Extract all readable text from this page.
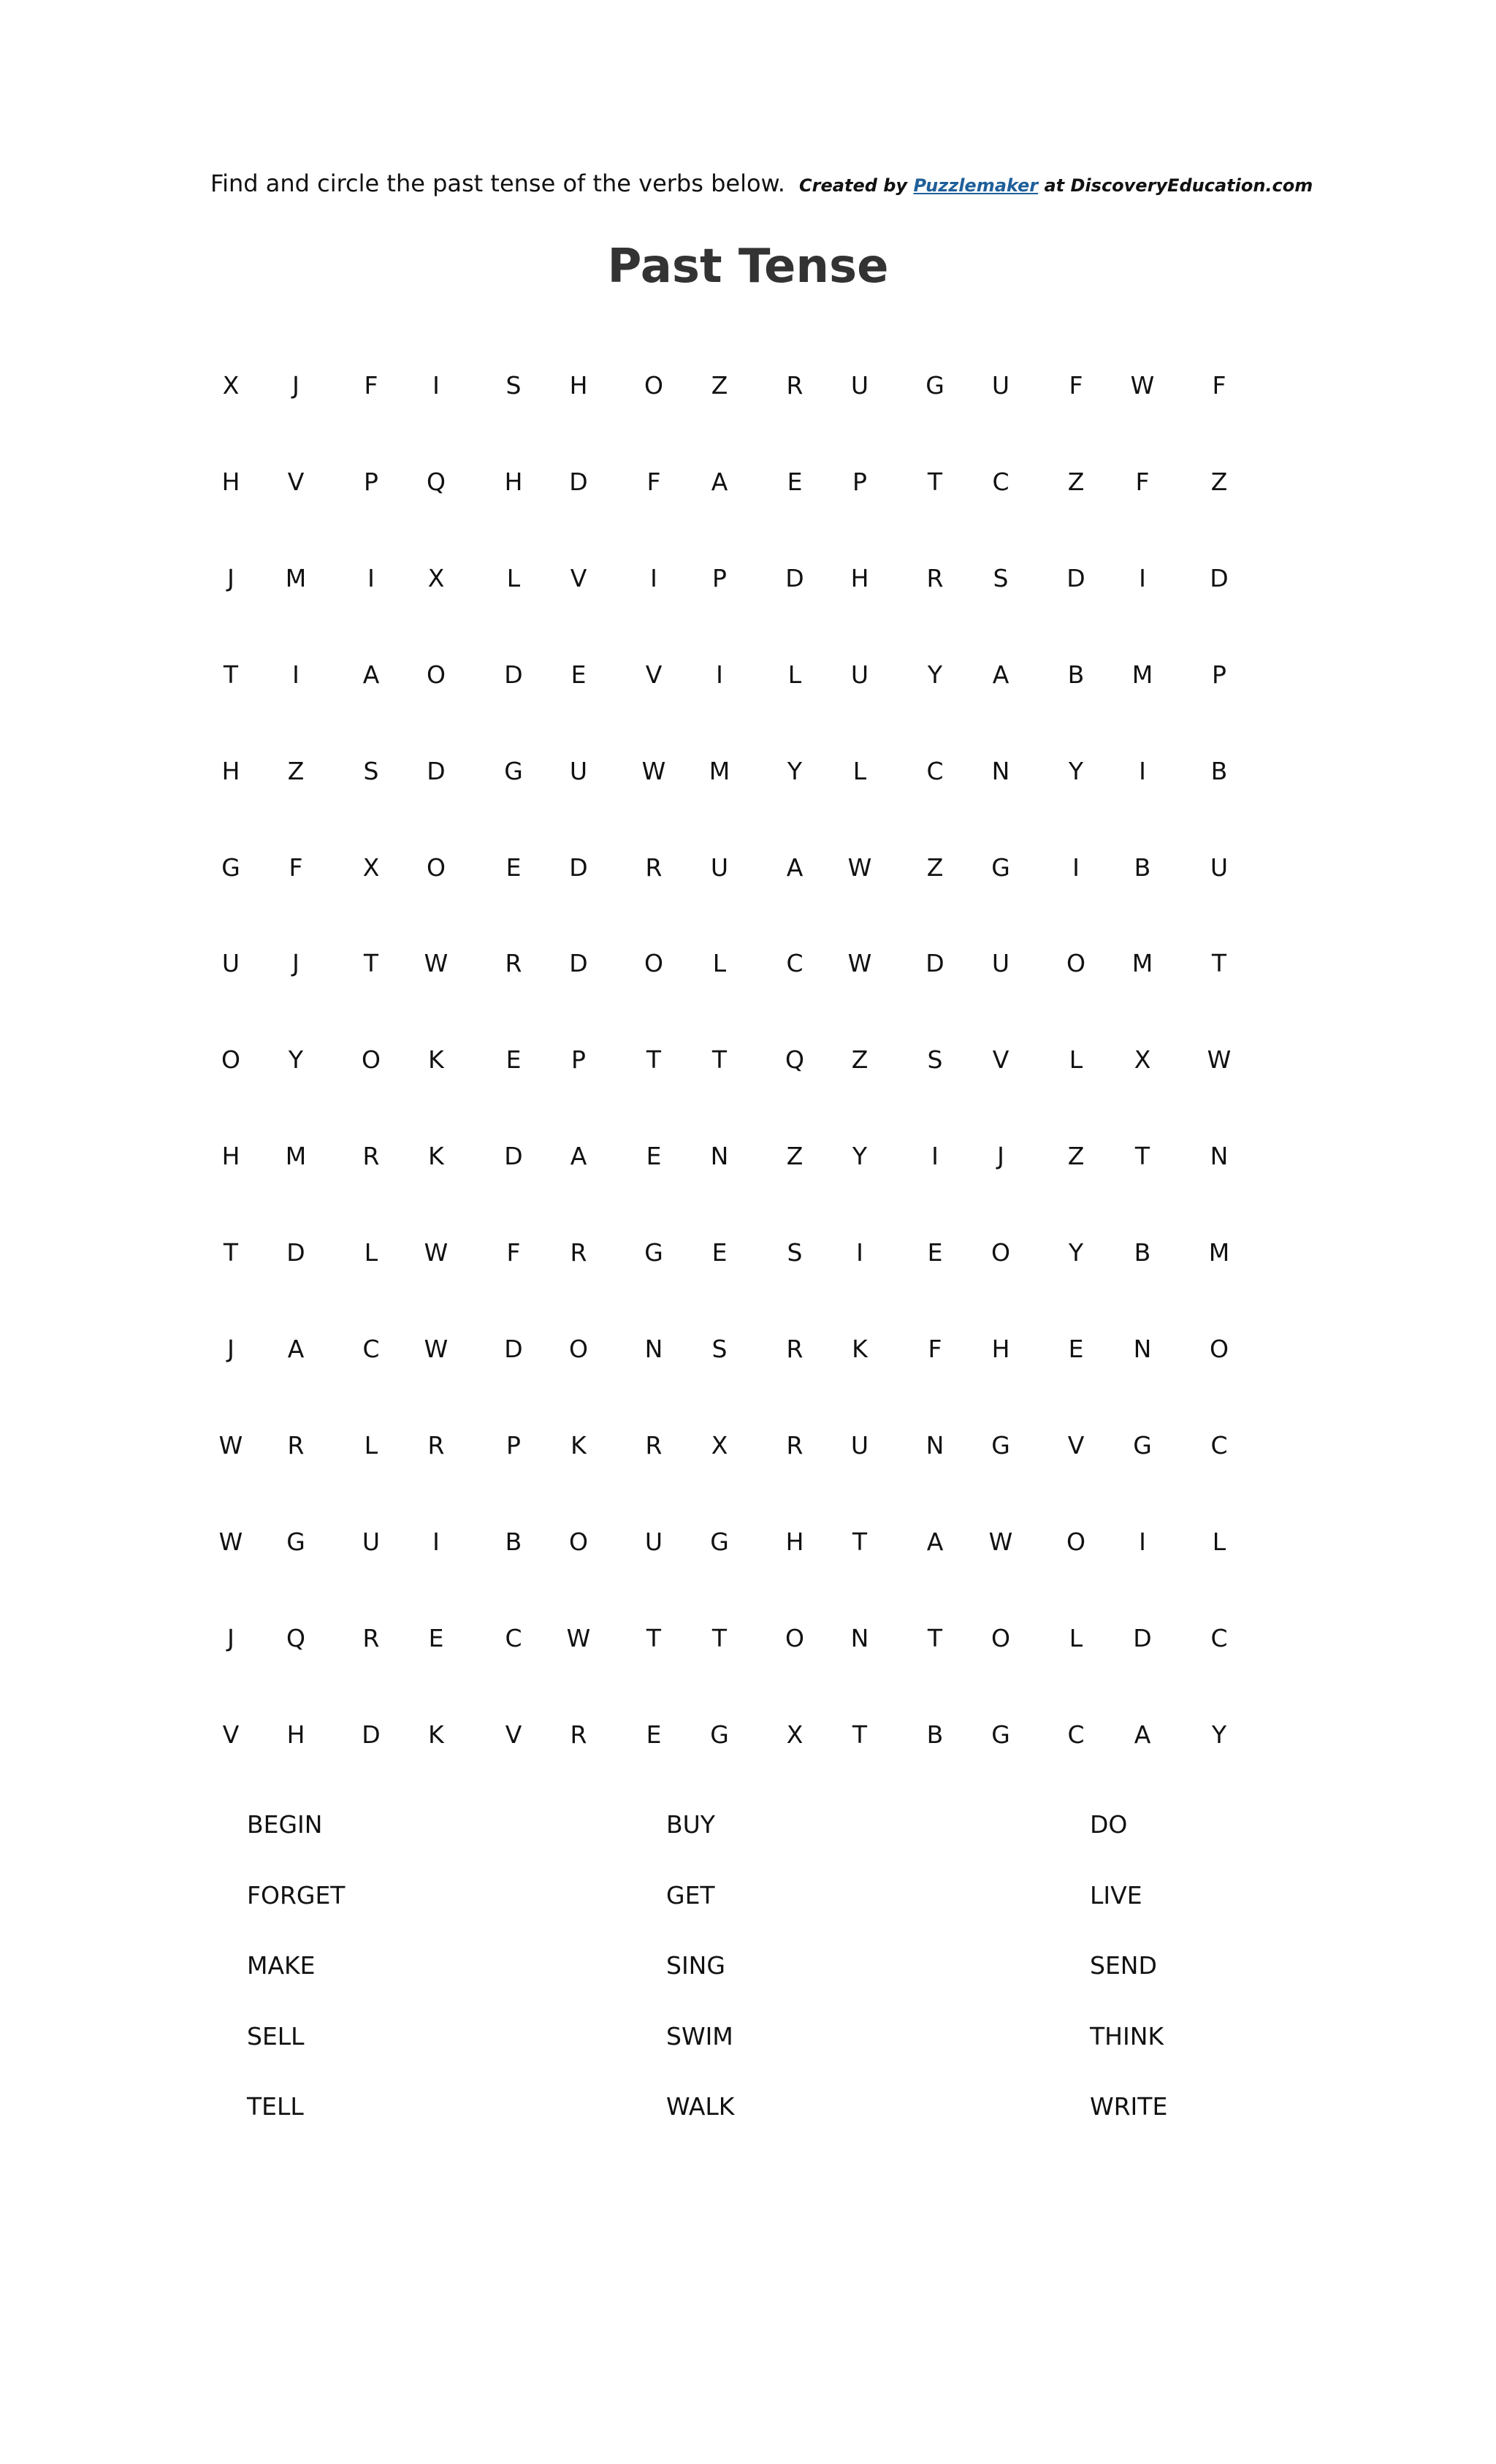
Find and circle the past tense of the verbs below. Created by Puzzlemaker at DiscoveryEducation.com
Past Tense
X	J	F	I	S	H	O	Z	R	U	G	U	F	W	F
H	V	P	Q	H	D	F	A	E	P	T	C	Z	F	Z
J	M	I	X	L	V	I	P	D	H	R	S	D	I	D
T	I	A	O	D	E	V	I	L	U	Y	A	B	M	P
H	Z	S	D	G	U	W	M	Y	L	C	N	Y	I	B
G	F	X	O	E	D	R	U	A	W	Z	G	I	B	U
U	J	T	W	R	D	O	L	C	W	D	U	O	M	T
O	Y	O	K	E	P	T	T	Q	Z	S	V	L	X	W
H	M	R	K	D	A	E	N	Z	Y	I	J	Z	T	N
T	D	L	W	F	R	G	E	S	I	E	O	Y	B	M
J	A	C	W	D	O	N	S	R	K	F	H	E	N	O
W	R	L	R	P	K	R	X	R	U	N	G	V	G	C
W	G	U	I	B	O	U	G	H	T	A	W	O	I	L
J	Q	R	E	C	W	T	T	O	N	T	O	L	D	C
V	H	D	K	V	R	E	G	X	T	B	G	C	A	Y
BEGIN	BUY	DO
FORGET	GET	LIVE
MAKE	SING	SEND
SELL	SWIM	THINK
TELL	WALK	WRITE
